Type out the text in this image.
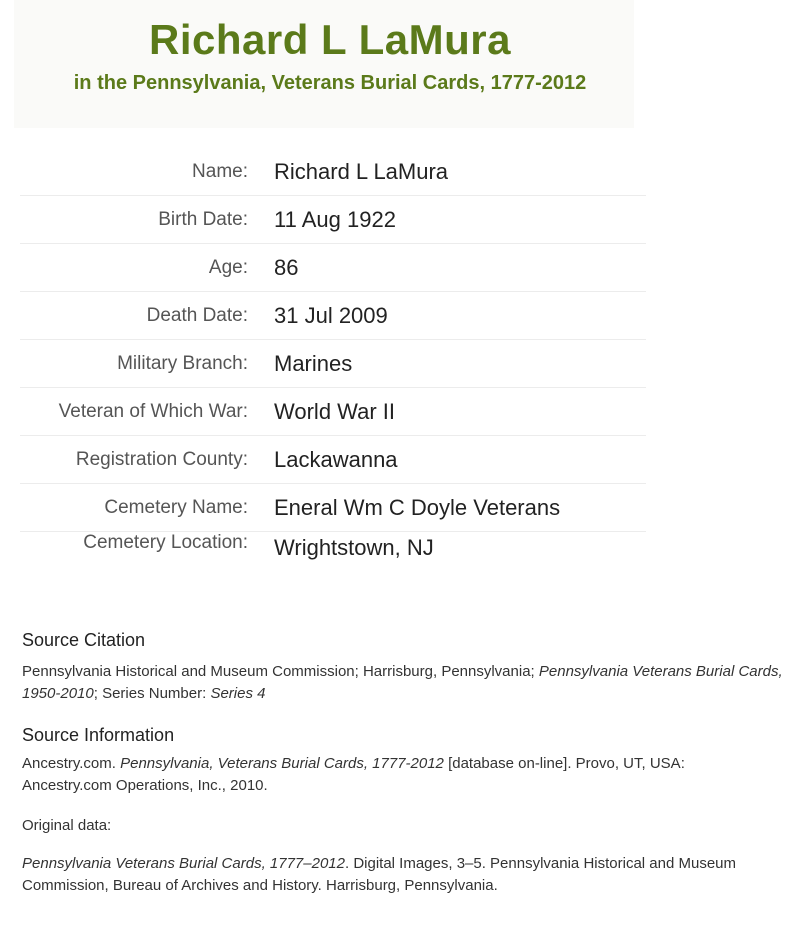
Richard L LaMura
in the Pennsylvania, Veterans Burial Cards, 1777-2012
Name: Richard L LaMura
Birth Date: 11 Aug 1922
Age: 86
Death Date: 31 Jul 2009
Military Branch: Marines
Veteran of Which War: World War II
Registration County: Lackawanna
Cemetery Name: Eneral Wm C Doyle Veterans
Cemetery Location: Wrightstown, NJ
Source Citation
Pennsylvania Historical and Museum Commission; Harrisburg, Pennsylvania; Pennsylvania Veterans Burial Cards, 1950-2010; Series Number: Series 4
Source Information
Ancestry.com. Pennsylvania, Veterans Burial Cards, 1777-2012 [database on-line]. Provo, UT, USA: Ancestry.com Operations, Inc., 2010.
Original data:
Pennsylvania Veterans Burial Cards, 1777–2012. Digital Images, 3–5. Pennsylvania Historical and Museum Commission, Bureau of Archives and History. Harrisburg, Pennsylvania.
